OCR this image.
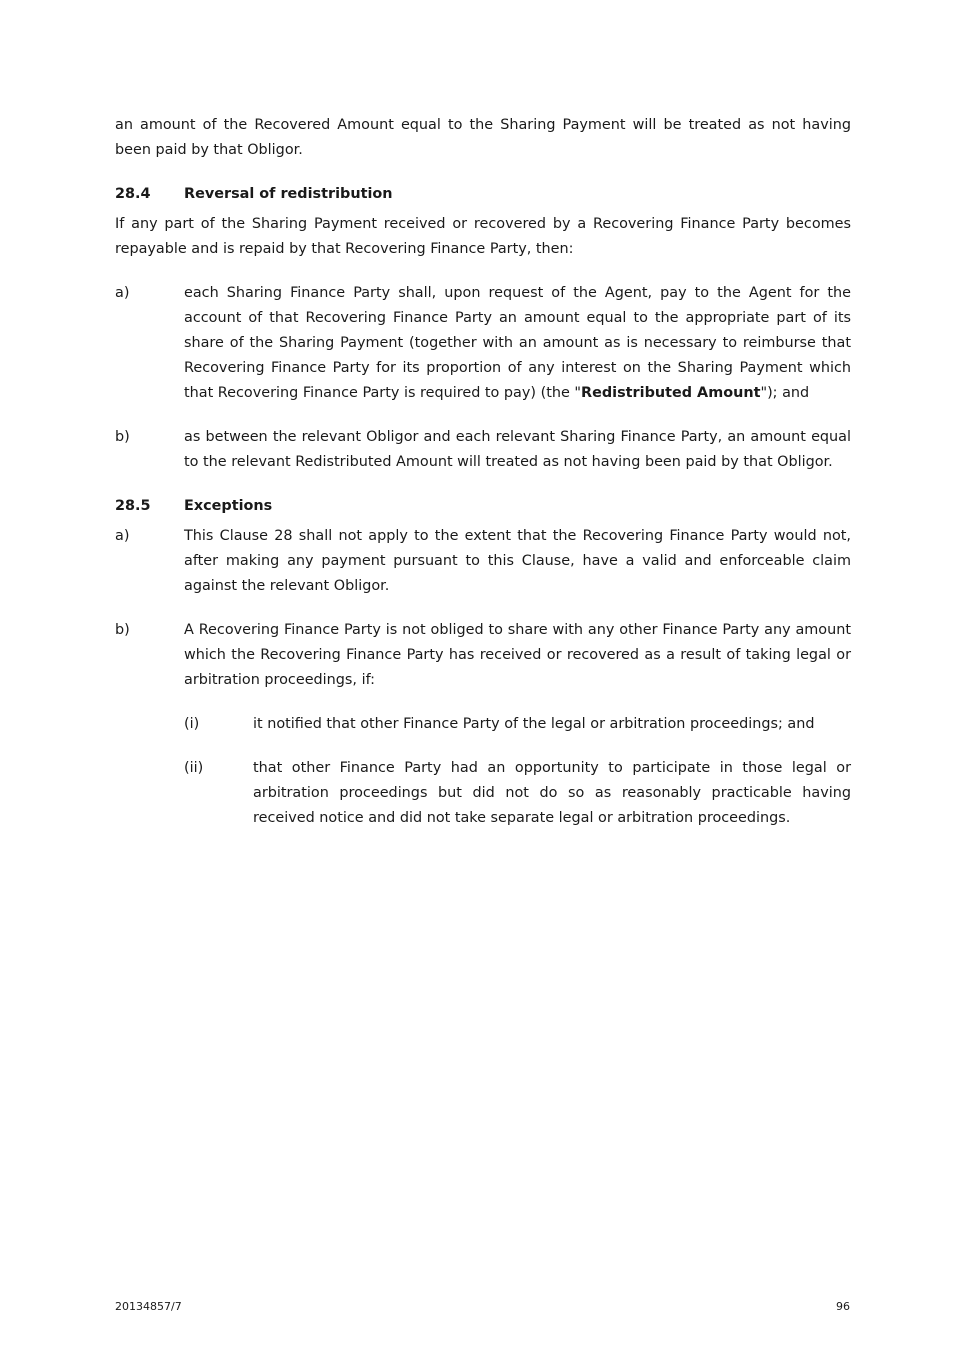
an amount of the Recovered Amount equal to the Sharing Payment will be treated as not having been paid by that Obligor.

28.4 Reversal of redistribution

If any part of the Sharing Payment received or recovered by a Recovering Finance Party becomes repayable and is repaid by that Recovering Finance Party, then:

a)	each Sharing Finance Party shall, upon request of the Agent, pay to the Agent for the account of that Recovering Finance Party an amount equal to the appropriate part of its share of the Sharing Payment (together with an amount as is necessary to reimburse that Recovering Finance Party for its proportion of any interest on the Sharing Payment which that Recovering Finance Party is required to pay) (the "Redistributed Amount"); and

b)	as between the relevant Obligor and each relevant Sharing Finance Party, an amount equal to the relevant Redistributed Amount will treated as not having been paid by that Obligor.

28.5 Exceptions
a)	This Clause 28 shall not apply to the extent that the Recovering Finance Party would not, after making any payment pursuant to this Clause, have a valid and enforceable claim against the relevant Obligor.

b)	A Recovering Finance Party is not obliged to share with any other Finance Party any amount which the Recovering Finance Party has received or recovered as a result of taking legal or arbitration proceedings, if:

(i)	it notified that other Finance Party of the legal or arbitration proceedings; and

(ii)	that other Finance Party had an opportunity to participate in those legal or arbitration proceedings but did not do so as reasonably practicable having received notice and did not take separate legal or arbitration proceedings.

20134857/7	96
